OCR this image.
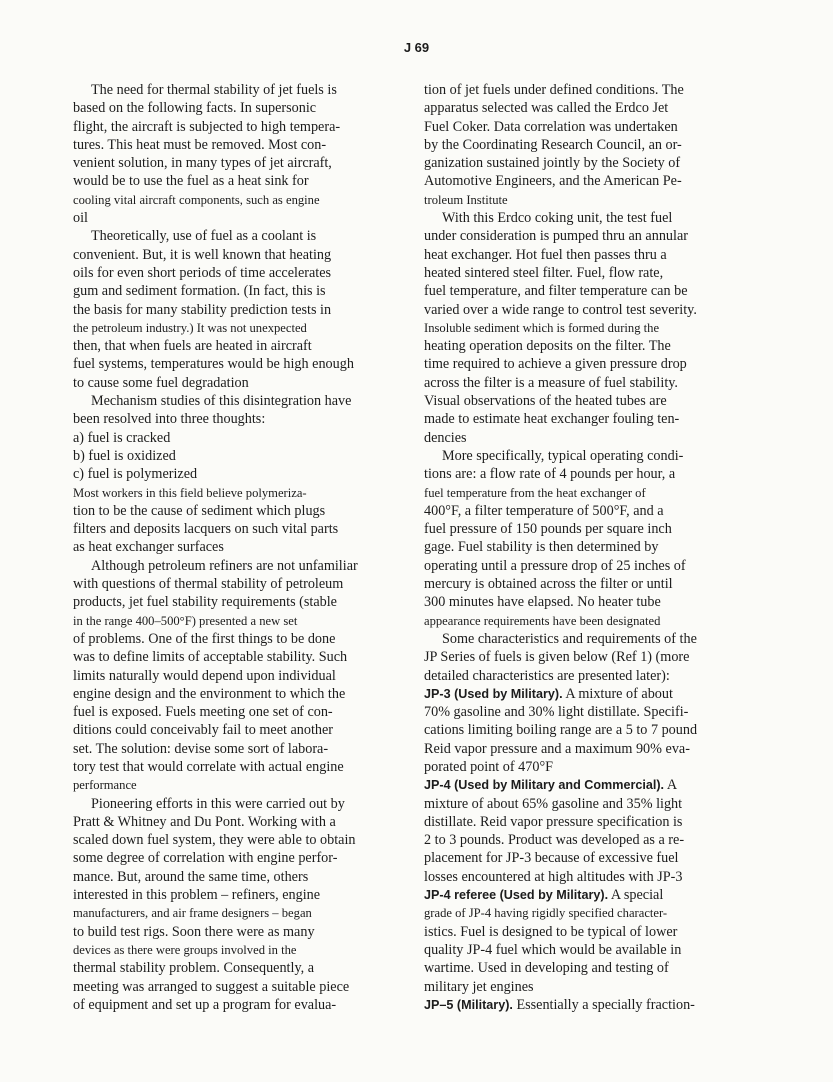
J 69
The need for thermal stability of jet fuels is
based on the following facts. In supersonic
flight, the aircraft is subjected to high tempera-
tures. This heat must be removed. Most con-
venient solution, in many types of jet aircraft,
would be to use the fuel as a heat sink for
cooling vital aircraft components, such as engine
oil
Theoretically, use of fuel as a coolant is
convenient. But, it is well known that heating
oils for even short periods of time accelerates
gum and sediment formation. (In fact, this is
the basis for many stability prediction tests in
the petroleum industry.) It was not unexpected
then, that when fuels are heated in aircraft
fuel systems, temperatures would be high enough
to cause some fuel degradation
Mechanism studies of this disintegration have
been resolved into three thoughts:
a) fuel is cracked
b) fuel is oxidized
c) fuel is polymerized
Most workers in this field believe polymeriza-
tion to be the cause of sediment which plugs
filters and deposits lacquers on such vital parts
as heat exchanger surfaces
Although petroleum refiners are not unfamiliar
with questions of thermal stability of petroleum
products, jet fuel stability requirements (stable
in the range 400–500°F) presented a new set
of problems. One of the first things to be done
was to define limits of acceptable stability. Such
limits naturally would depend upon individual
engine design and the environment to which the
fuel is exposed. Fuels meeting one set of con-
ditions could conceivably fail to meet another
set. The solution: devise some sort of labora-
tory test that would correlate with actual engine
performance
Pioneering efforts in this were carried out by
Pratt & Whitney and Du Pont. Working with a
scaled down fuel system, they were able to obtain
some degree of correlation with engine perfor-
mance. But, around the same time, others
interested in this problem – refiners, engine
manufacturers, and air frame designers – began
to build test rigs. Soon there were as many
devices as there were groups involved in the
thermal stability problem. Consequently, a
meeting was arranged to suggest a suitable piece
of equipment and set up a program for evalua-
tion of jet fuels under defined conditions. The
apparatus selected was called the Erdco Jet
Fuel Coker. Data correlation was undertaken
by the Coordinating Research Council, an or-
ganization sustained jointly by the Society of
Automotive Engineers, and the American Pe-
troleum Institute
With this Erdco coking unit, the test fuel
under consideration is pumped thru an annular
heat exchanger. Hot fuel then passes thru a
heated sintered steel filter. Fuel, flow rate,
fuel temperature, and filter temperature can be
varied over a wide range to control test severity.
Insoluble sediment which is formed during the
heating operation deposits on the filter. The
time required to achieve a given pressure drop
across the filter is a measure of fuel stability.
Visual observations of the heated tubes are
made to estimate heat exchanger fouling ten-
dencies
More specifically, typical operating condi-
tions are: a flow rate of 4 pounds per hour, a
fuel temperature from the heat exchanger of
400°F, a filter temperature of 500°F, and a
fuel pressure of 150 pounds per square inch
gage. Fuel stability is then determined by
operating until a pressure drop of 25 inches of
mercury is obtained across the filter or until
300 minutes have elapsed. No heater tube
appearance requirements have been designated
Some characteristics and requirements of the
JP Series of fuels is given below (Ref 1) (more
detailed characteristics are presented later):
JP-3 (Used by Military). A mixture of about
70% gasoline and 30% light distillate. Specifi-
cations limiting boiling range are a 5 to 7 pound
Reid vapor pressure and a maximum 90% eva-
porated point of 470°F
JP-4 (Used by Military and Commercial). A
mixture of about 65% gasoline and 35% light
distillate. Reid vapor pressure specification is
2 to 3 pounds. Product was developed as a re-
placement for JP-3 because of excessive fuel
losses encountered at high altitudes with JP-3
JP-4 referee (Used by Military). A special
grade of JP-4 having rigidly specified character-
istics. Fuel is designed to be typical of lower
quality JP-4 fuel which would be available in
wartime. Used in developing and testing of
military jet engines
JP–5 (Military). Essentially a specially fraction-
